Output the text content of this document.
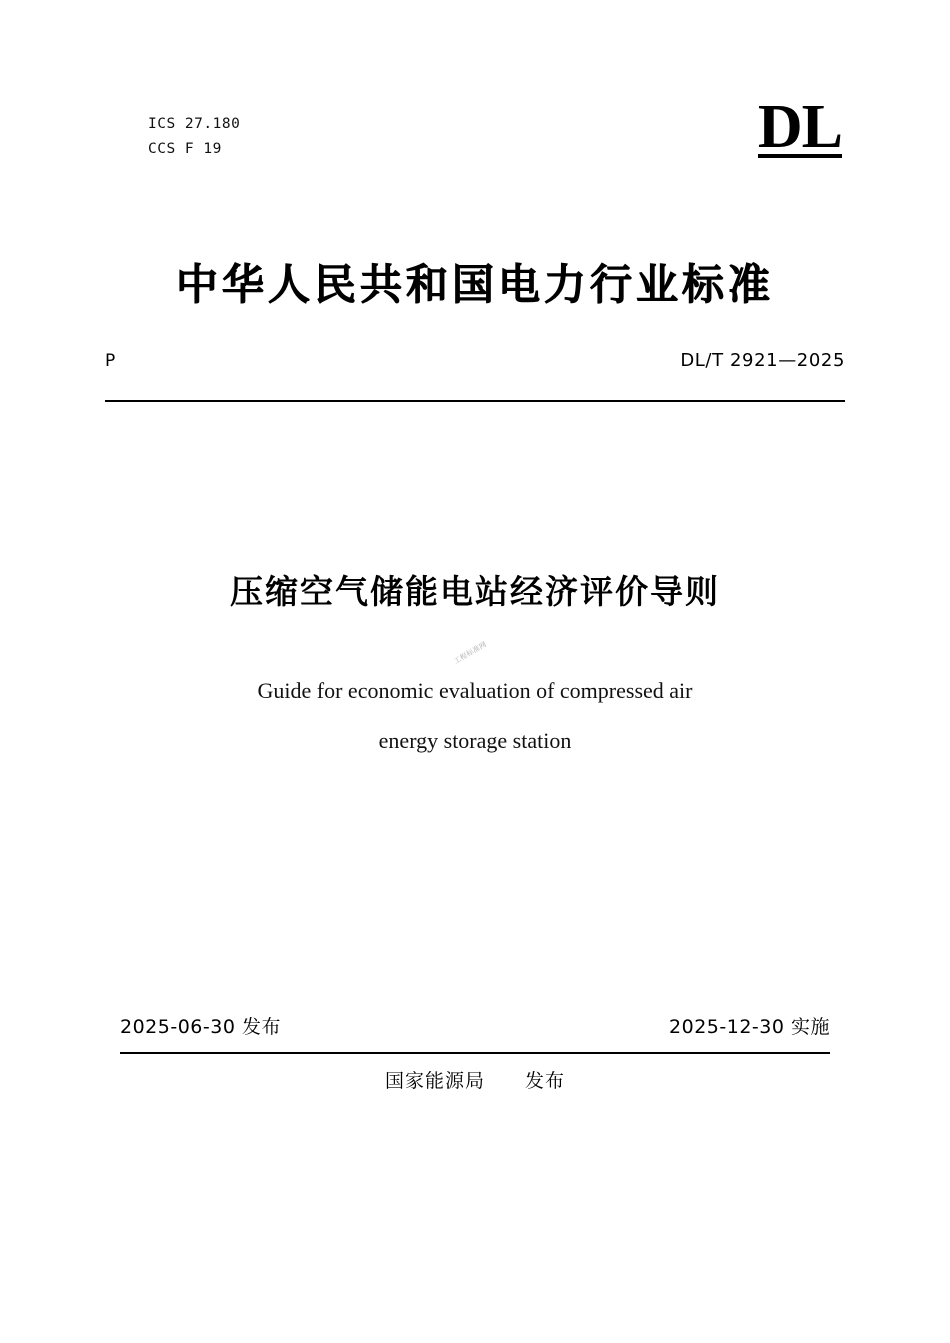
ICS 27.180
CCS F 19	DL
中华人民共和国电力行业标准
P	DL/T 2921—2025
压缩空气储能电站经济评价导则
Guide for economic evaluation of compressed air
energy storage station
工程标准网
2025-06-30 发布	2025-12-30 实施
国家能源局 发布
